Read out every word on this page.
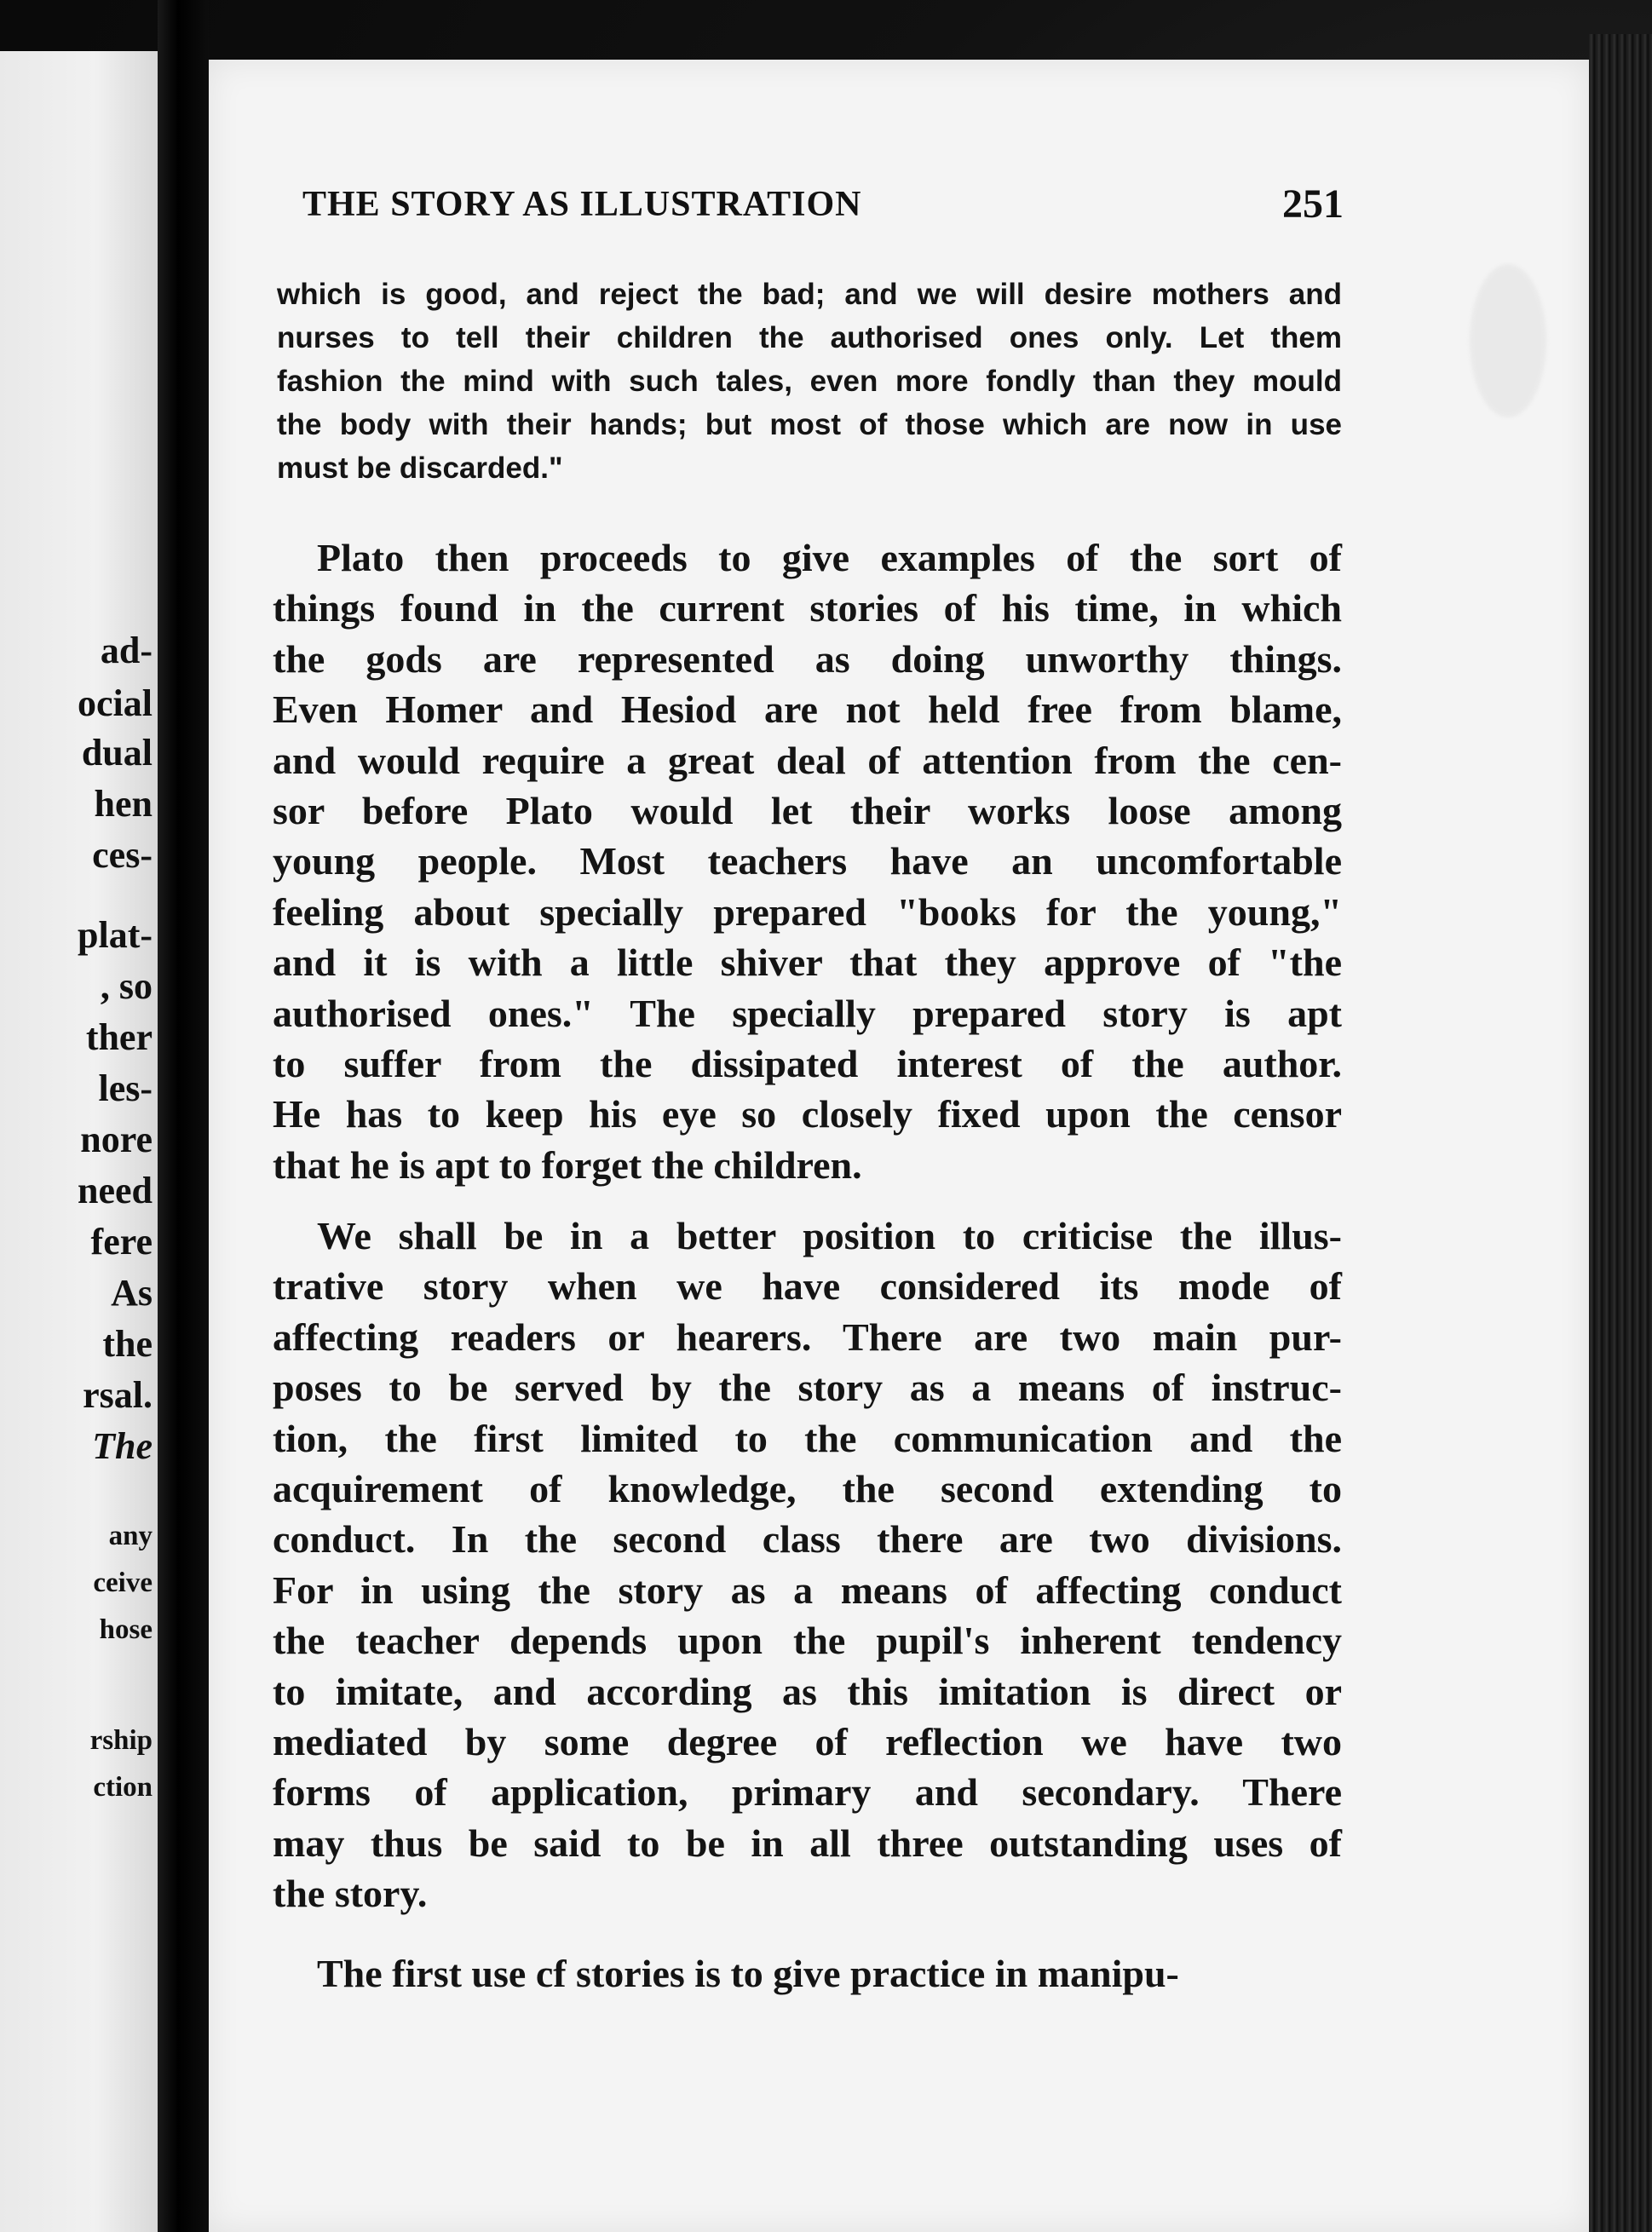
ad-
ocial
dual
hen
ces-
plat-
, so
ther
les-
nore
need
fere
As
the
rsal.
The
any
ceive
hose
rship
ction
THE STORY AS ILLUSTRATION	251
which is good, and reject the bad; and we will desire mothers and
nurses to tell their children the authorised ones only. Let them
fashion the mind with such tales, even more fondly than they mould
the body with their hands; but most of those which are now in use
must be discarded."
Plato then proceeds to give examples of the sort of
things found in the current stories of his time, in which
the gods are represented as doing unworthy things.
Even Homer and Hesiod are not held free from blame,
and would require a great deal of attention from the cen-
sor before Plato would let their works loose among
young people. Most teachers have an uncomfortable
feeling about specially prepared "books for the young,"
and it is with a little shiver that they approve of "the
authorised ones." The specially prepared story is apt
to suffer from the dissipated interest of the author.
He has to keep his eye so closely fixed upon the censor
that he is apt to forget the children.
We shall be in a better position to criticise the illus-
trative story when we have considered its mode of
affecting readers or hearers. There are two main pur-
poses to be served by the story as a means of instruc-
tion, the first limited to the communication and the
acquirement of knowledge, the second extending to
conduct. In the second class there are two divisions.
For in using the story as a means of affecting conduct
the teacher depends upon the pupil's inherent tendency
to imitate, and according as this imitation is direct or
mediated by some degree of reflection we have two
forms of application, primary and secondary. There
may thus be said to be in all three outstanding uses of
the story.
The first use cf stories is to give practice in manipu-
